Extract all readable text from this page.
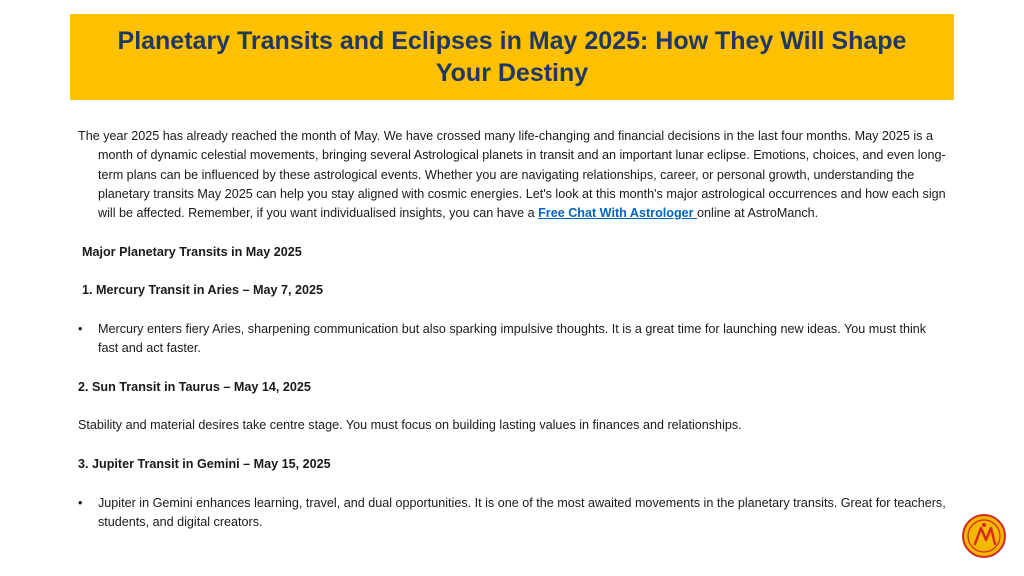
Planetary Transits and Eclipses in May 2025: How They Will Shape Your Destiny

The year 2025 has already reached the month of May. We have crossed many life-changing and financial decisions in the last four months. May 2025 is a month of dynamic celestial movements, bringing several Astrological planets in transit and an important lunar eclipse. Emotions, choices, and even long-term plans can be influenced by these astrological events. Whether you are navigating relationships, career, or personal growth, understanding the planetary transits May 2025 can help you stay aligned with cosmic energies. Let's look at this month's major astrological occurrences and how each sign will be affected. Remember, if you want individualised insights, you can have a Free Chat With Astrologer online at AstroManch.

Major Planetary Transits in May 2025

1. Mercury Transit in Aries – May 7, 2025

• Mercury enters fiery Aries, sharpening communication but also sparking impulsive thoughts. It is a great time for launching new ideas. You must think fast and act faster.

2. Sun Transit in Taurus – May 14, 2025

Stability and material desires take centre stage. You must focus on building lasting values in finances and relationships.

3. Jupiter Transit in Gemini – May 15, 2025

• Jupiter in Gemini enhances learning, travel, and dual opportunities. It is one of the most awaited movements in the planetary transits. Great for teachers, students, and digital creators.
